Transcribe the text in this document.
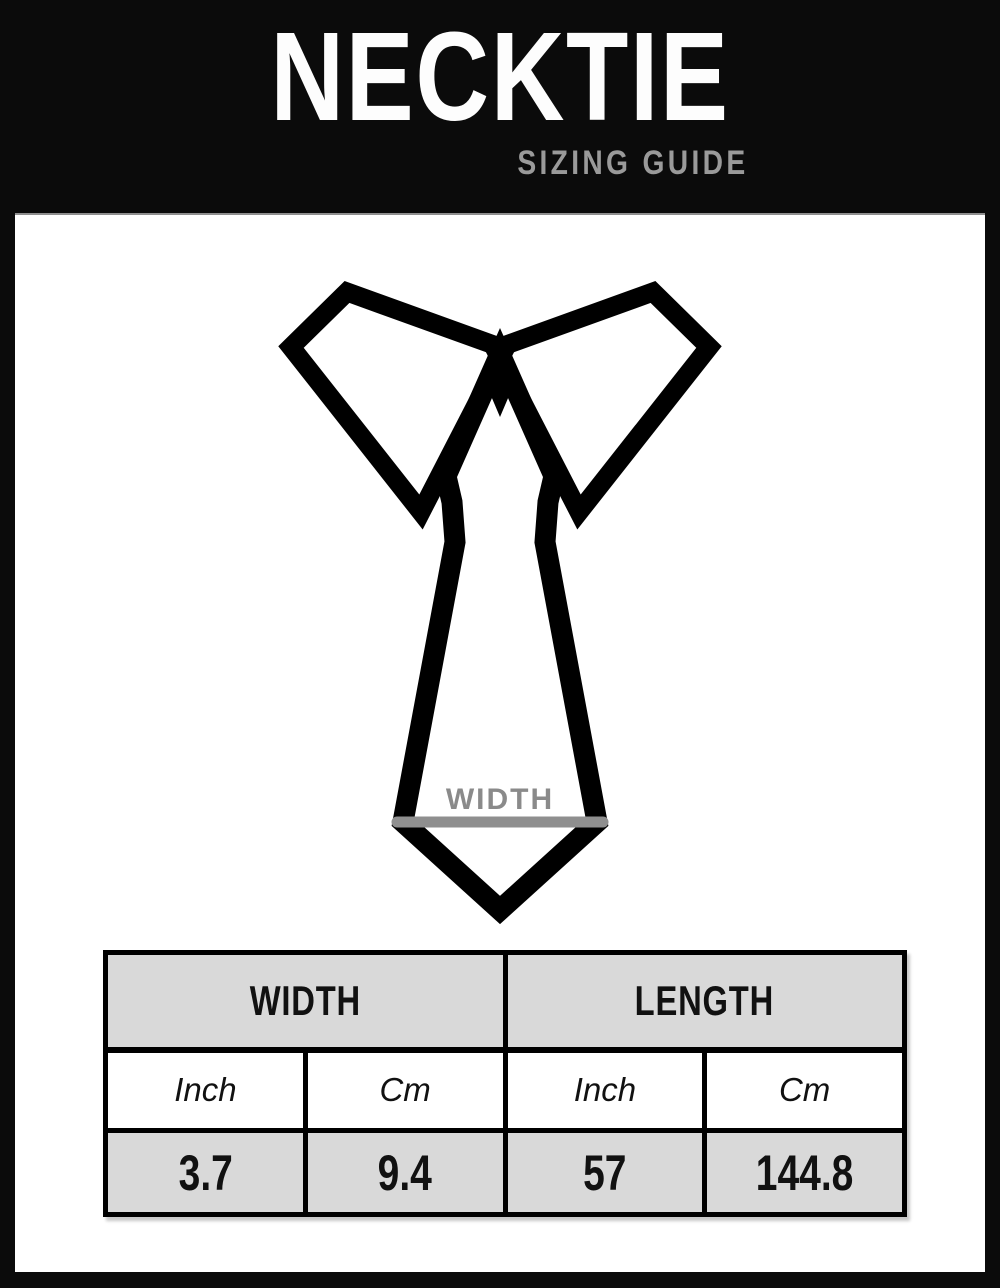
NECKTIE
SIZING GUIDE
WIDTH
WIDTH		LENGTH	
Inch	Cm	Inch	Cm
3.7	9.4	57	144.8
